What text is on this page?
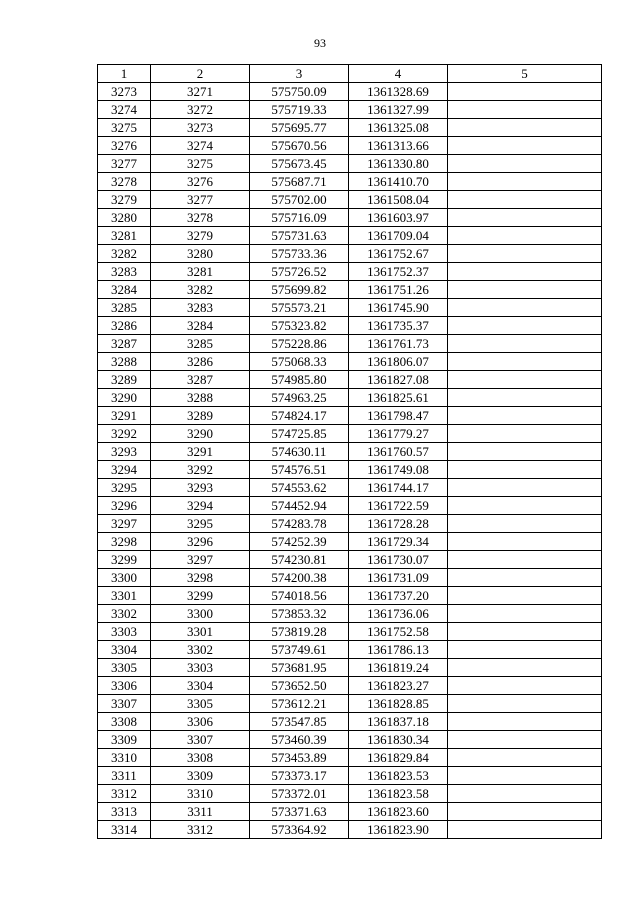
93
1	2	3	4	5
3273	3271	575750.09	1361328.69	
3274	3272	575719.33	1361327.99	
3275	3273	575695.77	1361325.08	
3276	3274	575670.56	1361313.66	
3277	3275	575673.45	1361330.80	
3278	3276	575687.71	1361410.70	
3279	3277	575702.00	1361508.04	
3280	3278	575716.09	1361603.97	
3281	3279	575731.63	1361709.04	
3282	3280	575733.36	1361752.67	
3283	3281	575726.52	1361752.37	
3284	3282	575699.82	1361751.26	
3285	3283	575573.21	1361745.90	
3286	3284	575323.82	1361735.37	
3287	3285	575228.86	1361761.73	
3288	3286	575068.33	1361806.07	
3289	3287	574985.80	1361827.08	
3290	3288	574963.25	1361825.61	
3291	3289	574824.17	1361798.47	
3292	3290	574725.85	1361779.27	
3293	3291	574630.11	1361760.57	
3294	3292	574576.51	1361749.08	
3295	3293	574553.62	1361744.17	
3296	3294	574452.94	1361722.59	
3297	3295	574283.78	1361728.28	
3298	3296	574252.39	1361729.34	
3299	3297	574230.81	1361730.07	
3300	3298	574200.38	1361731.09	
3301	3299	574018.56	1361737.20	
3302	3300	573853.32	1361736.06	
3303	3301	573819.28	1361752.58	
3304	3302	573749.61	1361786.13	
3305	3303	573681.95	1361819.24	
3306	3304	573652.50	1361823.27	
3307	3305	573612.21	1361828.85	
3308	3306	573547.85	1361837.18	
3309	3307	573460.39	1361830.34	
3310	3308	573453.89	1361829.84	
3311	3309	573373.17	1361823.53	
3312	3310	573372.01	1361823.58	
3313	3311	573371.63	1361823.60	
3314	3312	573364.92	1361823.90	
